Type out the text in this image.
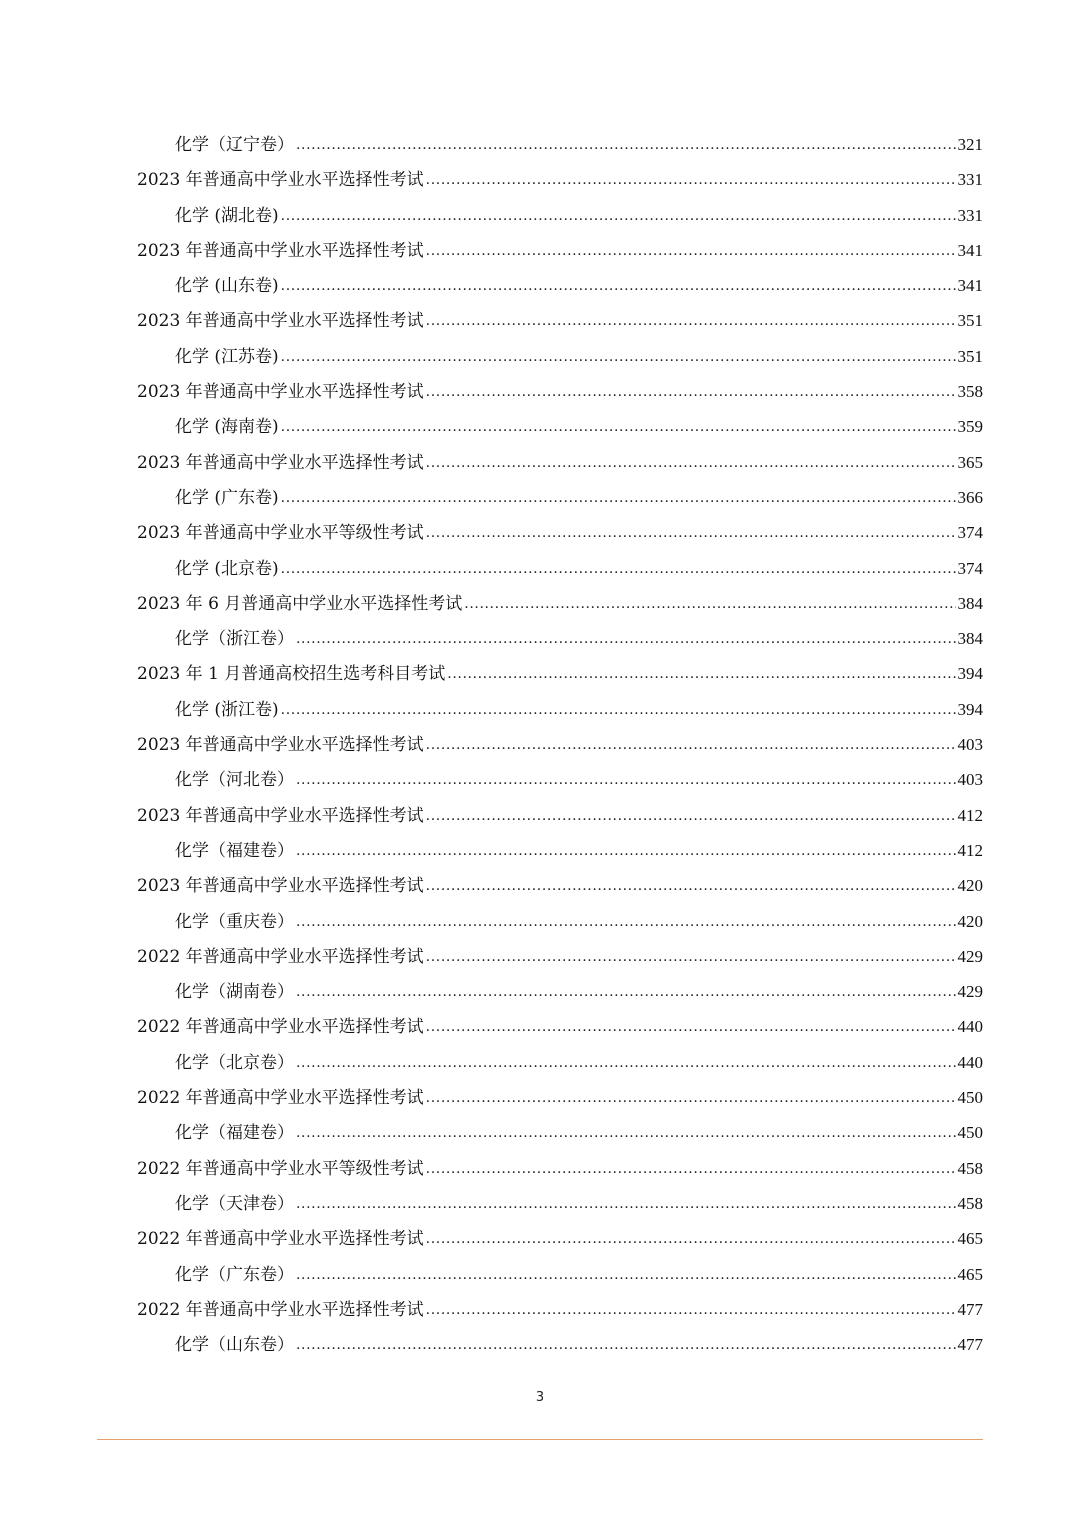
化学（辽宁卷） .....	321
2023 年普通高中学业水平选择性考试 .....	331
化学 (湖北卷) .....	331
2023 年普通高中学业水平选择性考试 .....	341
化学 (山东卷) .....	341
2023 年普通高中学业水平选择性考试 .....	351
化学 (江苏卷) .....	351
2023 年普通高中学业水平选择性考试 .....	358
化学 (海南卷) .....	359
2023 年普通高中学业水平选择性考试 .....	365
化学 (广东卷) .....	366
2023 年普通高中学业水平等级性考试 .....	374
化学 (北京卷) .....	374
2023 年 6 月普通高中学业水平选择性考试 .....	384
化学（浙江卷） .....	384
2023 年 1 月普通高校招生选考科目考试 .....	394
化学 (浙江卷) .....	394
2023 年普通高中学业水平选择性考试 .....	403
化学（河北卷） .....	403
2023 年普通高中学业水平选择性考试 .....	412
化学（福建卷） .....	412
2023 年普通高中学业水平选择性考试 .....	420
化学（重庆卷） .....	420
2022 年普通高中学业水平选择性考试 .....	429
化学（湖南卷） .....	429
2022 年普通高中学业水平选择性考试 .....	440
化学（北京卷） .....	440
2022 年普通高中学业水平选择性考试 .....	450
化学（福建卷） .....	450
2022 年普通高中学业水平等级性考试 .....	458
化学（天津卷） .....	458
2022 年普通高中学业水平选择性考试 .....	465
化学（广东卷） .....	465
2022 年普通高中学业水平选择性考试 .....	477
化学（山东卷） .....	477
3
